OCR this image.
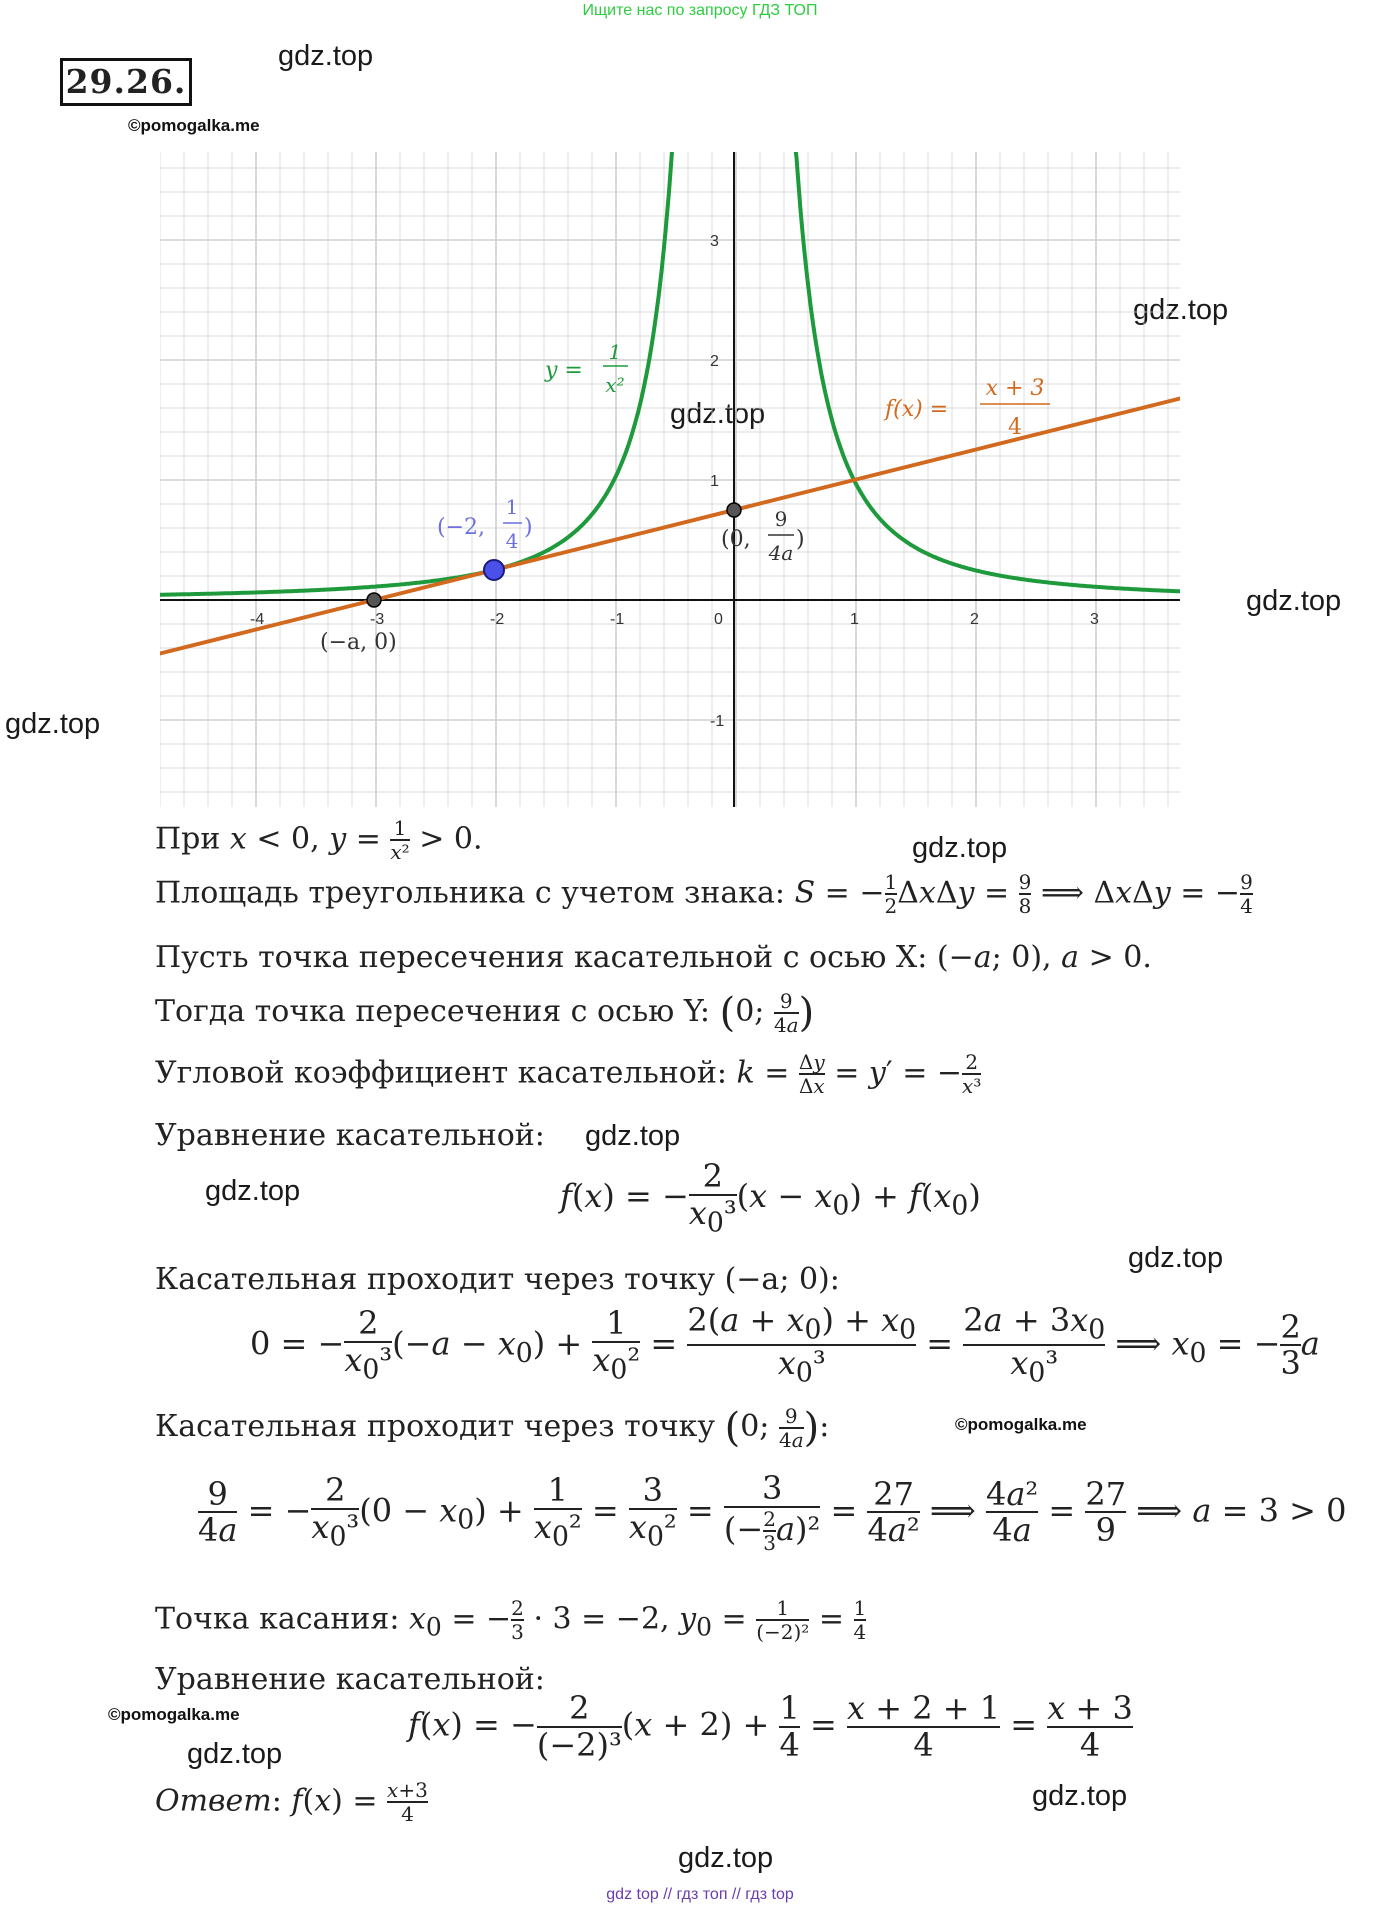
Ищите нас по запросу ГДЗ ТОП
29.26.
gdz.top
©pomogalka.me
gdz.top
gdz.top
gdz.top
gdz.top
-4	-3	-2	-1	0	1	2	3
3
2
1
-1
y =
1
x²
f(x) =
x + 3
4
(−2,
1
4
)
(−a, 0)
(0,
9
4a
)
При x < 0, $y = \frac{1}{\text{x²}} > 0$.	gdz.top
Площадь треугольника с учетом знака: S = − $\frac{1}{2}$ $\Delta x\Delta y = \frac{9}{8}$ ⟹ ΔxΔy = − $\frac{9}{4}$
Пусть точка пересечения касательной с осью X: (−a; 0), a > 0.
Тогда точка пересечения с осью Y: (0; $\frac{9}{4a}$ )
Угловой коэффициент касательной: $k = \frac{\Delta y}{\Delta x} = y'$ = − $\frac{2}{\text{x³}}$
Уравнение касательной: gdz.top
gdz.top	f(x) = − $\frac{2}{x_0^3} (x - x_0) + f(x_0)$
gdz.top
Касательная проходит через точку (−a; 0):
0 = − $\frac{2}{x_0^3} (-a - x_0) + \frac{1}{x_0^2} = \frac{2(a + x_0) + x_0}{x_0^3} = \frac{2a + 3x_0}{x_0^3}$ ⟹ $x_0$ = − $\frac{2}{3}$ a
©pomogalka.me
Касательная проходит через точку (0; $\frac{9}{4a}$ ):
$\frac{9}{4a}$ = − $\frac{2}{x_0^3} (0 - x_0) + \frac{1}{x_0^2} = \frac{3}{x_0^2} = \frac{3}{(- \frac{2}{3} a)^2} = \frac{27}{\text{4a²}}$ ⟹ $\frac{\text{4a²}}{4a} = \frac{27}{9}$ ⟹ a = 3 > 0
Точка касания: $x_0$ = − $\frac{2}{3} \cdot 3 = -2$, $y_0 = \frac{1}{\text{(−2)²}} = \frac{1}{4}$
Уравнение касательной:
©pomogalka.me
gdz.top
f(x) = − $\frac{2}{\text{(−2)³}} (x + 2) + \frac{1}{4} = \frac{x + 2 + 1}{4} = \frac{x + 3}{4}$
Ответ: $f(x) = \frac{x+3}{4}$	gdz.top
gdz.top
gdz top // гдз топ // гдз top
